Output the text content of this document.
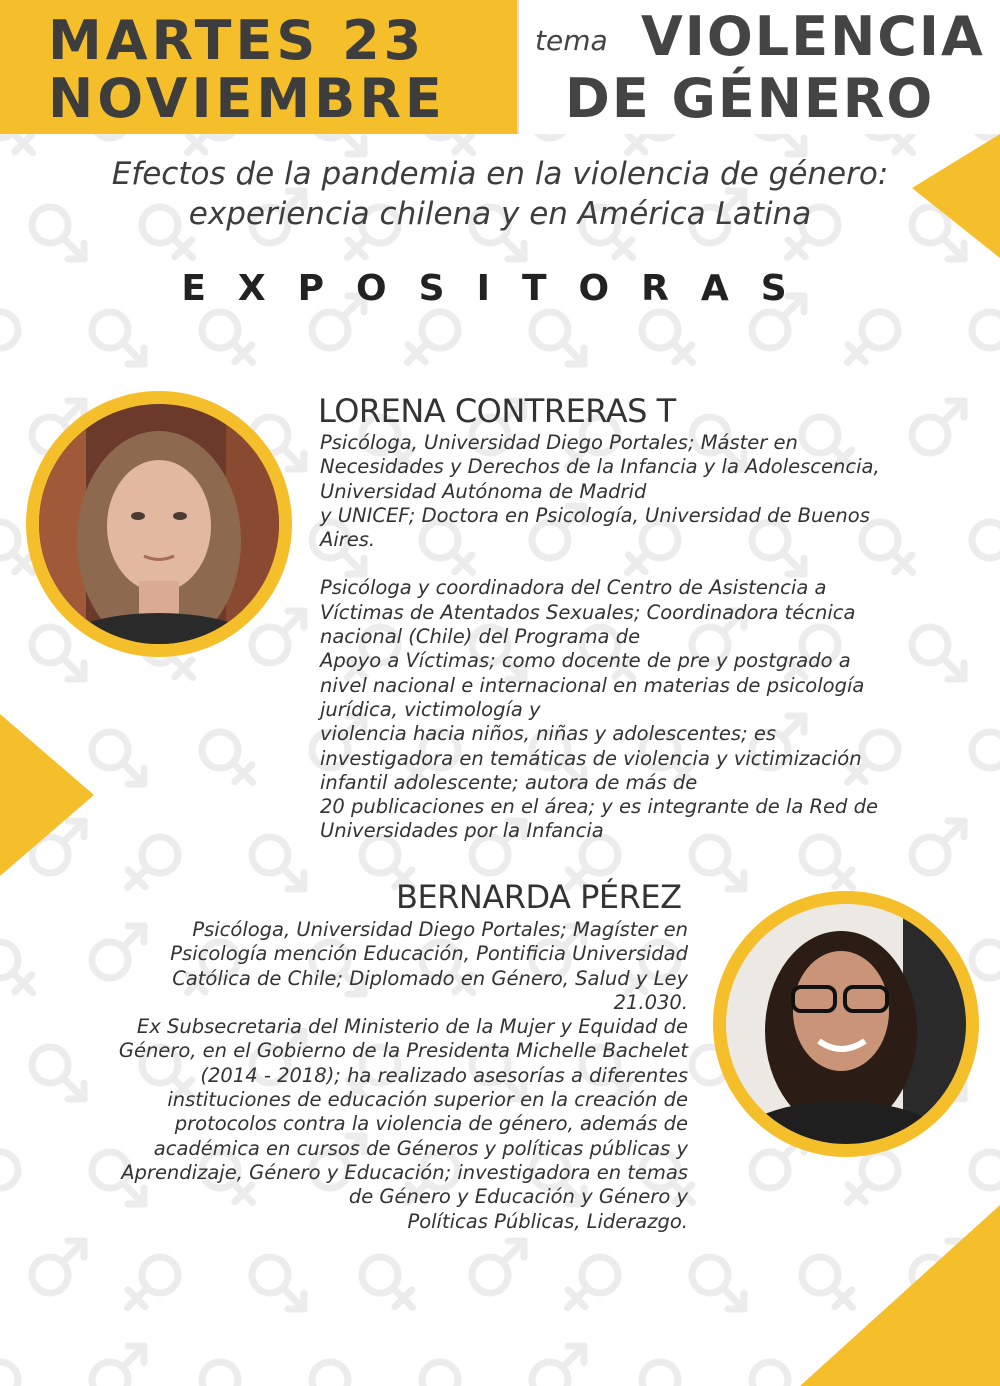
MARTES 23
NOVIEMBRE
tema VIOLENCIA
DE GÉNERO
Efectos de la pandemia en la violencia de género:
experiencia chilena y en América Latina
EXPOSITORAS
LORENA CONTRERAS T
Psicóloga, Universidad Diego Portales; Máster en
Necesidades y Derechos de la Infancia y la Adolescencia,
Universidad Autónoma de Madrid
y UNICEF; Doctora en Psicología, Universidad de Buenos
Aires.
Psicóloga y coordinadora del Centro de Asistencia a
Víctimas de Atentados Sexuales; Coordinadora técnica
nacional (Chile) del Programa de
Apoyo a Víctimas; como docente de pre y postgrado a
nivel nacional e internacional en materias de psicología
jurídica, victimología y
violencia hacia niños, niñas y adolescentes; es
investigadora en temáticas de violencia y victimización
infantil adolescente; autora de más de
20 publicaciones en el área; y es integrante de la Red de
Universidades por la Infancia
BERNARDA PÉREZ
Psicóloga, Universidad Diego Portales; Magíster en
Psicología mención Educación, Pontificia Universidad
Católica de Chile; Diplomado en Género, Salud y Ley
21.030.
Ex Subsecretaria del Ministerio de la Mujer y Equidad de
Género, en el Gobierno de la Presidenta Michelle Bachelet
(2014 - 2018); ha realizado asesorías a diferentes
instituciones de educación superior en la creación de
protocolos contra la violencia de género, además de
académica en cursos de Géneros y políticas públicas y
Aprendizaje, Género y Educación; investigadora en temas
de Género y Educación y Género y
Políticas Públicas, Liderazgo.
